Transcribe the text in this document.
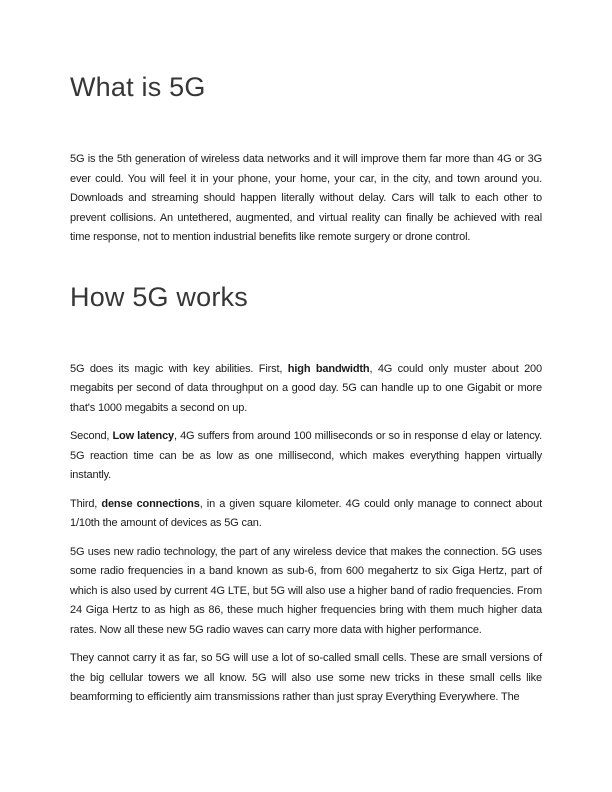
What is 5G

5G is the 5th generation of wireless data networks and it will improve them far more than 4G or 3G ever could. You will feel it in your phone, your home, your car, in the city, and town around you. Downloads and streaming should happen literally without delay. Cars will talk to each other to prevent collisions. An untethered, augmented, and virtual reality can finally be achieved with real time response, not to mention industrial benefits like remote surgery or drone control.

How 5G works

5G does its magic with key abilities. First, high bandwidth, 4G could only muster about 200 megabits per second of data throughput on a good day. 5G can handle up to one Gigabit or more that's 1000 megabits a second on up.

Second, Low latency, 4G suffers from around 100 milliseconds or so in response d elay or latency. 5G reaction time can be as low as one millisecond, which makes everything happen virtually instantly.

Third, dense connections, in a given square kilometer. 4G could only manage to connect about 1/10th the amount of devices as 5G can.

5G uses new radio technology, the part of any wireless device that makes the connection. 5G uses some radio frequencies in a band known as sub-6, from 600 megahertz to six Giga Hertz, part of which is also used by current 4G LTE, but 5G will also use a higher band of radio frequencies. From 24 Giga Hertz to as high as 86, these much higher frequencies bring with them much higher data rates. Now all these new 5G radio waves can carry more data with higher performance.

They cannot carry it as far, so 5G will use a lot of so-called small cells. These are small versions of the big cellular towers we all know. 5G will also use some new tricks in these small cells like beamforming to efficiently aim transmissions rather than just spray Everything Everywhere. The
